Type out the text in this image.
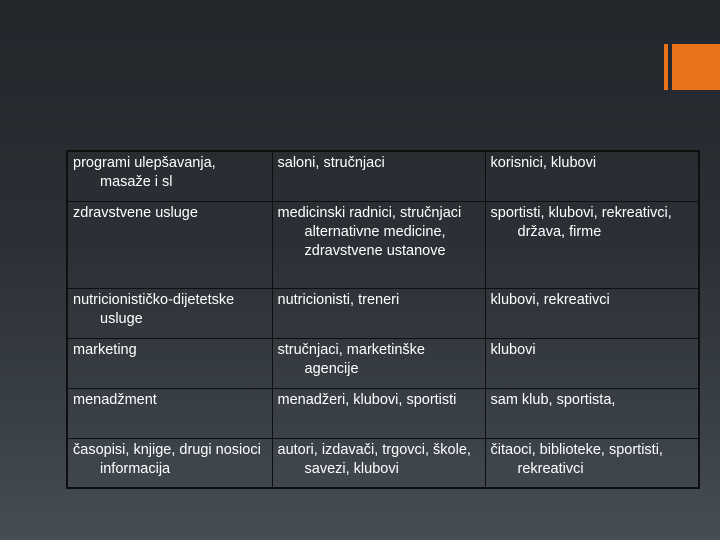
programi ulepšavanja, masaže i sl	saloni, stručnjaci	korisnici, klubovi

zdravstvene usluge	medicinski radnici, stručnjaci alternativne medicine, zdravstvene ustanove	sportisti, klubovi, rekreativci, država, firme

nutricionističko-dijetetske usluge	nutricionisti, treneri	klubovi, rekreativci

marketing	stručnjaci, marketinške agencije	klubovi

menadžment	menadžeri, klubovi, sportisti	sam klub, sportista,

časopisi, knjige, drugi nosioci informacija	autori, izdavači, trgovci, škole, savezi, klubovi	čitaoci, biblioteke, sportisti, rekreativci
